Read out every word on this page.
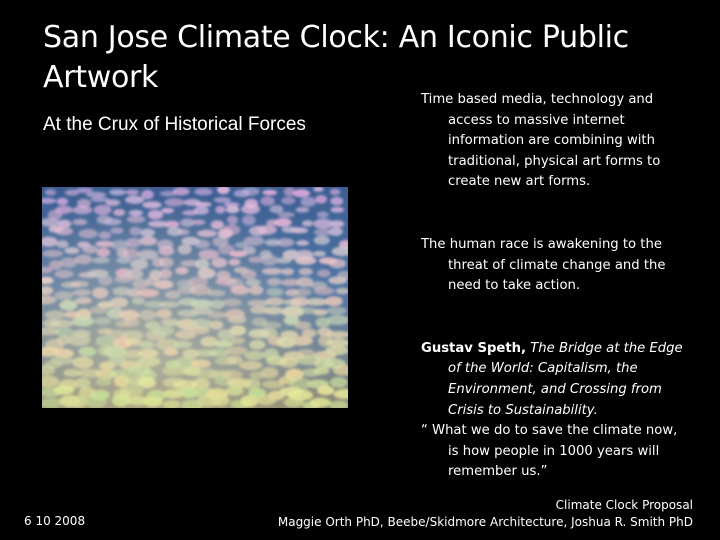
San Jose Climate Clock: An Iconic Public Artwork
At the Crux of Historical Forces

Time based media, technology and access to massive internet information are combining with traditional, physical art forms to create new art forms.

The human race is awakening to the threat of climate change and the need to take action.

Gustav Speth, The Bridge at the Edge of the World: Capitalism, the Environment, and Crossing from Crisis to Sustainability.

“ What we do to save the climate now, is how people in 1000 years will remember us.”

6 10 2008
Climate Clock Proposal
Maggie Orth PhD, Beebe/Skidmore Architecture, Joshua R. Smith PhD
